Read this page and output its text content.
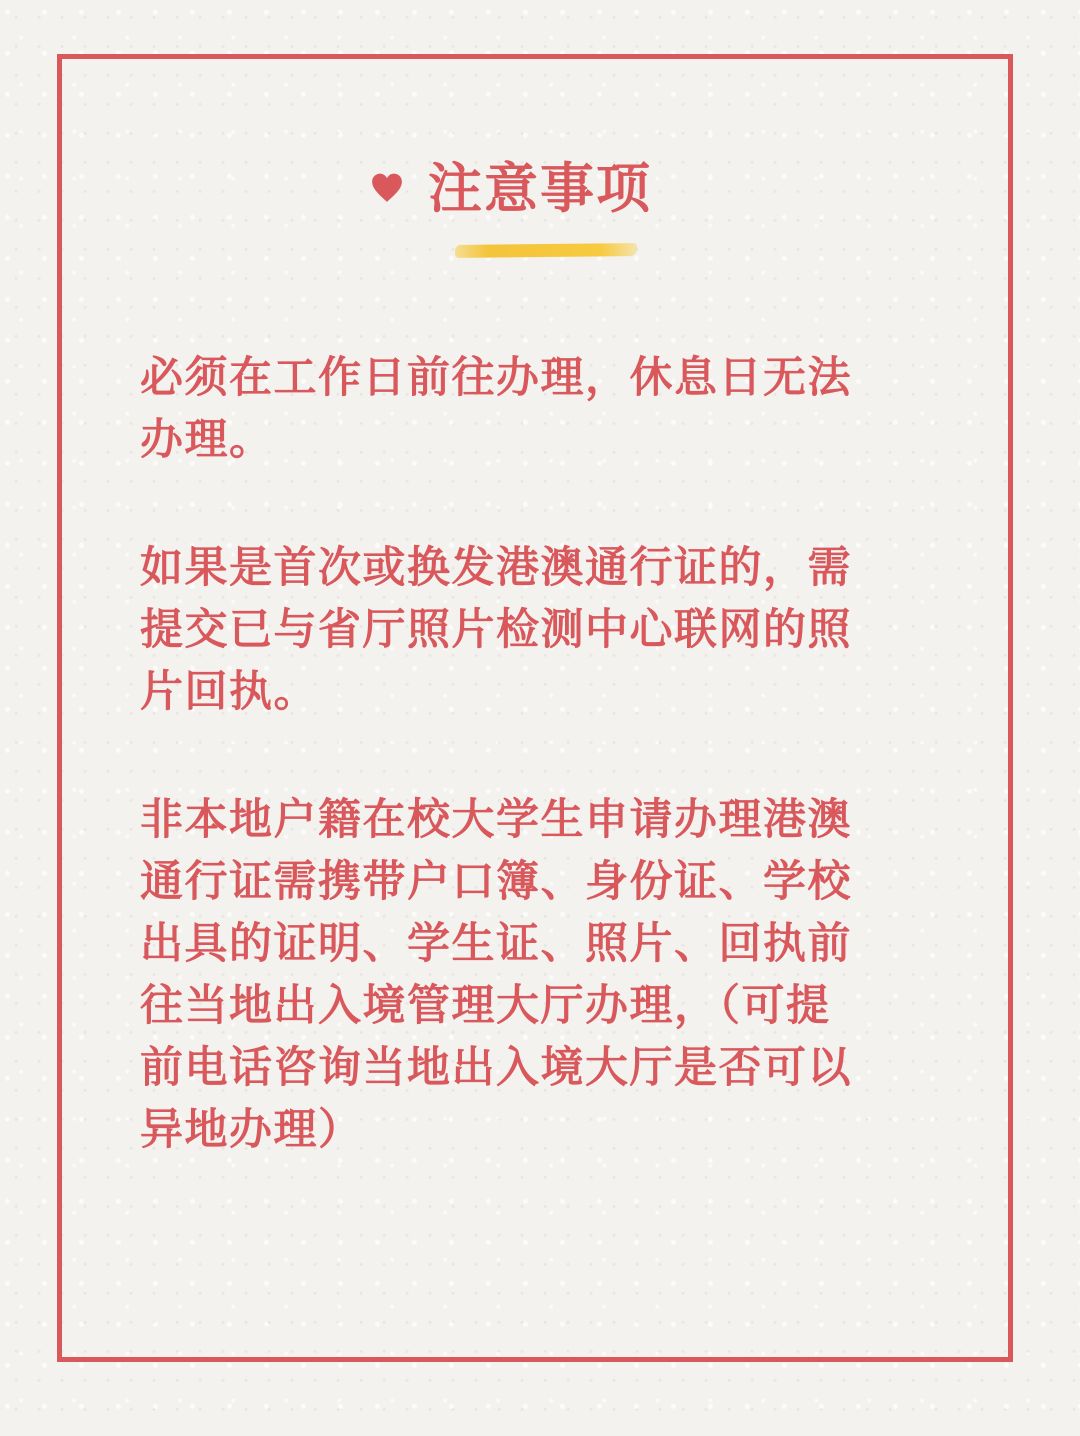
注意事项

必须在工作日前往办理，休息日无法
办理。

如果是首次或换发港澳通行证的，需
提交已与省厅照片检测中心联网的照
片回执。

非本地户籍在校大学生申请办理港澳
通行证需携带户口簿、身份证、学校
出具的证明、学生证、照片、回执前
往当地出入境管理大厅办理，（可提
前电话咨询当地出入境大厅是否可以
异地办理）
